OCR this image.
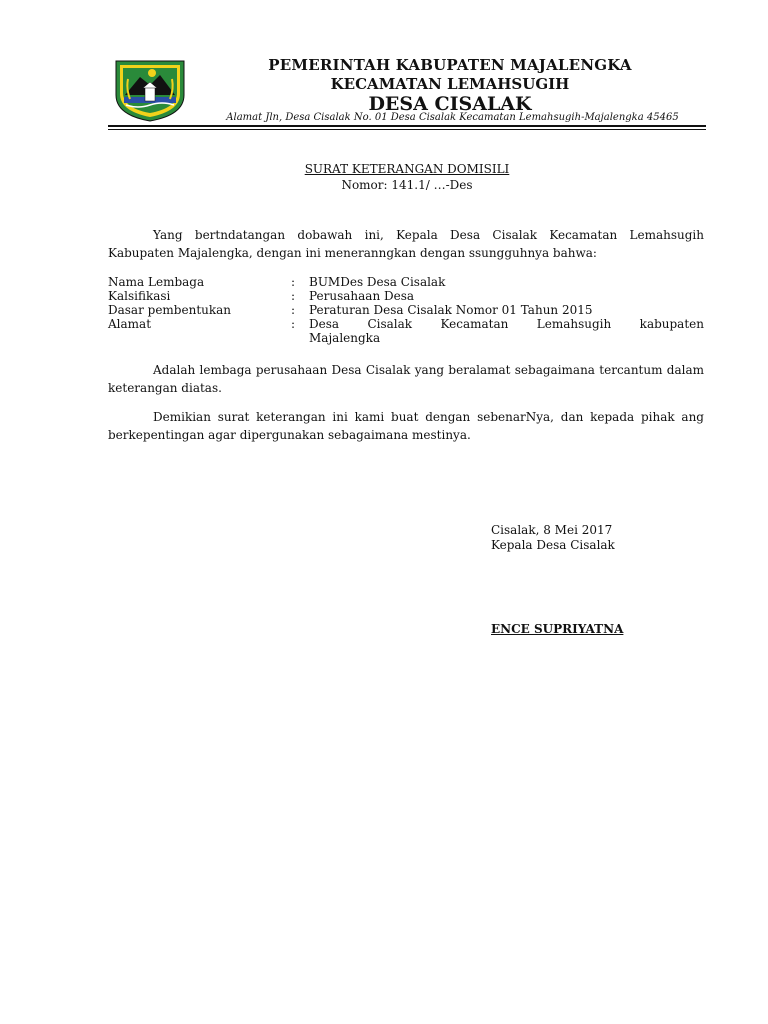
PEMERINTAH KABUPATEN MAJALENGKA
KECAMATAN LEMAHSUGIH
DESA CISALAK
Alamat Jln, Desa Cisalak No. 01 Desa Cisalak Kecamatan Lemahsugih-Majalengka 45465
SURAT KETERANGAN DOMISILI
Nomor: 141.1/ …-Des
Yang bertndatangan dobawah ini, Kepala Desa Cisalak Kecamatan Lemahsugih Kabupaten Majalengka, dengan ini meneranngkan dengan ssungguhnya bahwa:
Nama Lembaga	:	BUMDes Desa Cisalak
Kalsifikasi	:	Perusahaan Desa
Dasar pembentukan	:	Peraturan Desa Cisalak Nomor 01 Tahun 2015
Alamat	:	Desa Cisalak Kecamatan Lemahsugih kabupaten
Majalengka
Adalah lembaga perusahaan Desa Cisalak yang beralamat sebagaimana tercantum dalam keterangan diatas.
Demikian surat keterangan ini kami buat dengan sebenarNya, dan kepada pihak ang berkepentingan agar dipergunakan sebagaimana mestinya.
Cisalak, 8 Mei 2017
Kepala Desa Cisalak
ENCE SUPRIYATNA
